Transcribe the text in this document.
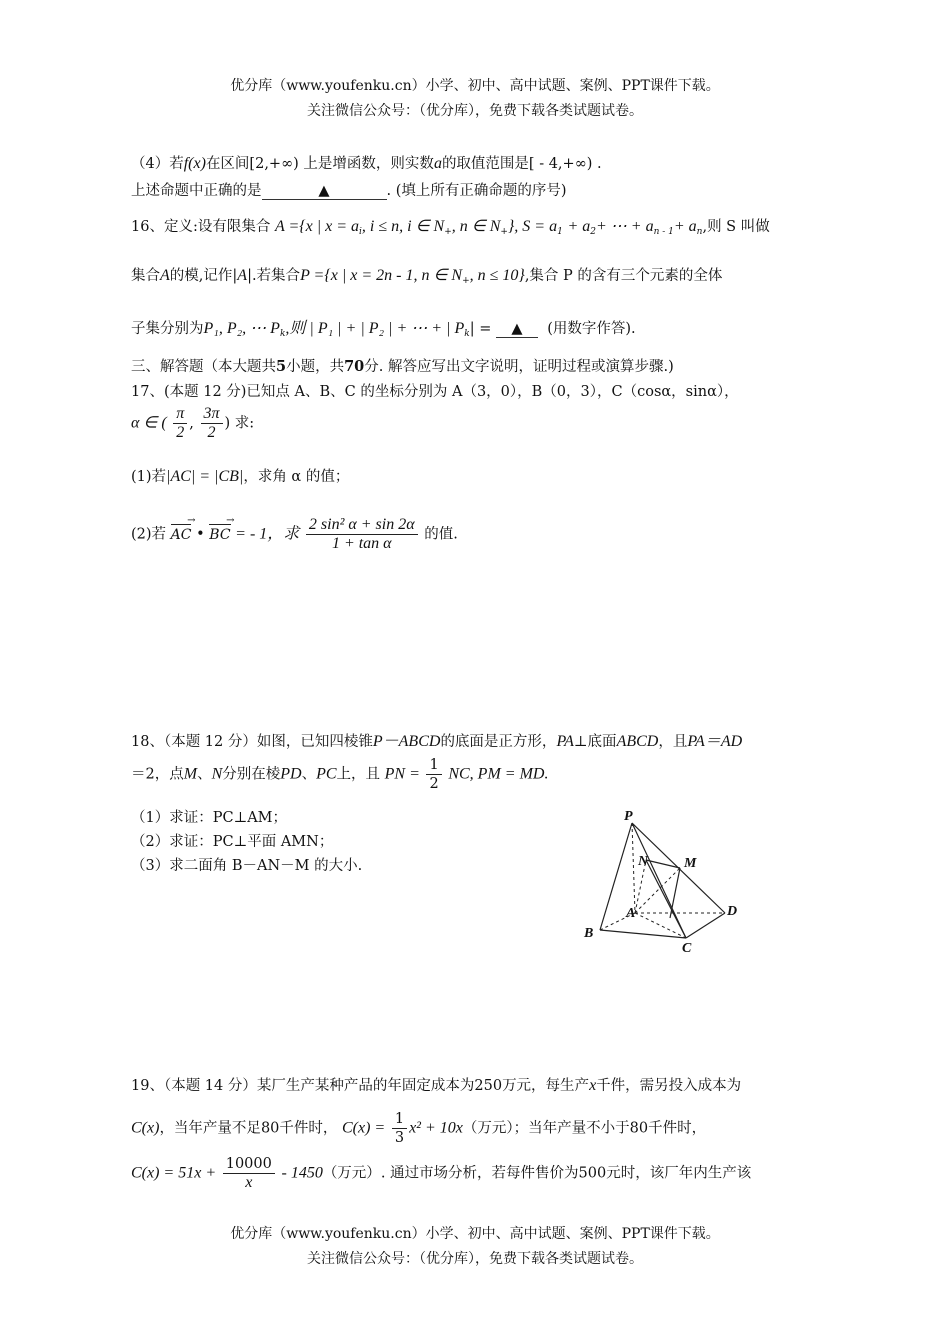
优分库（www.youfenku.cn）小学、初中、高中试题、案例、PPT课件下载。
关注微信公众号：（优分库），免费下载各类试题试卷。
（4）若f(x)在区间[2,+∞) 上是增函数，则实数a的取值范围是[ - 4,+∞) .
上述命题中正确的是	▲	. (填上所有正确命题的序号)
16、定义:设有限集合 A ={x | $x = a_i$, i ≤ n, i ∈ $N_+$, n ∈ $N_+$}, $S = a_1 + a_2+$ ⋯ + $a_{n - 1}+ a_n$,则 S 叫做
集合A的模,记作|A|.若集合P ={x | x = 2n - 1, n ∈ $N_+$, n ≤ 10},集合 P 的含有三个元素的全体
子集分别为P₁, P₂, ⋯ $P_k$,则 | P₁ | + | P₂ | + ⋯ + | $P_k|$ = ▲ (用数字作答).
三、解答题（本大题共5小题，共70分. 解答应写出文字说明，证明过程或演算步骤.)
17、(本题 12 分)已知点 A、B、C 的坐标分别为 A（3，0），B（0，3），C（cosα，sinα），
α ∈ ( $\frac{\pi}{2}$ , $\frac{3\pi}{2}$ ) 求:
(1)若|AC| = |CB|，求角 α 的值；
(2)若 AC → • BC → = - 1，求 $\frac{\text{2 sin² α + sin 2α}}{\text{1 + tan α}}$ 的值.
18、（本题 12 分）如图，已知四棱锥P－ABCD的底面是正方形，PA⊥底面ABCD，且PA＝AD
＝2，点M、N分别在棱PD、PC上，且 PN = $\frac{1}{2}$ NC, PM = MD.
（1）求证：PC⊥AM；
（2）求证：PC⊥平面 AMN；
（3）求二面角 B－AN－M 的大小.
P
N	M
A	D
B
C
19、（本题 14 分）某厂生产某种产品的年固定成本为250万元，每生产x千件，需另投入成本为
C(x)，当年产量不足80千件时， $C(x) = \frac{1}{3} x^2 + 10x$（万元）；当年产量不小于80千件时，
$C(x) = 51x + \frac{10000}{x} - 1450$（万元）. 通过市场分析，若每件售价为500元时，该厂年内生产该
优分库（www.youfenku.cn）小学、初中、高中试题、案例、PPT课件下载。
关注微信公众号：（优分库），免费下载各类试题试卷。
